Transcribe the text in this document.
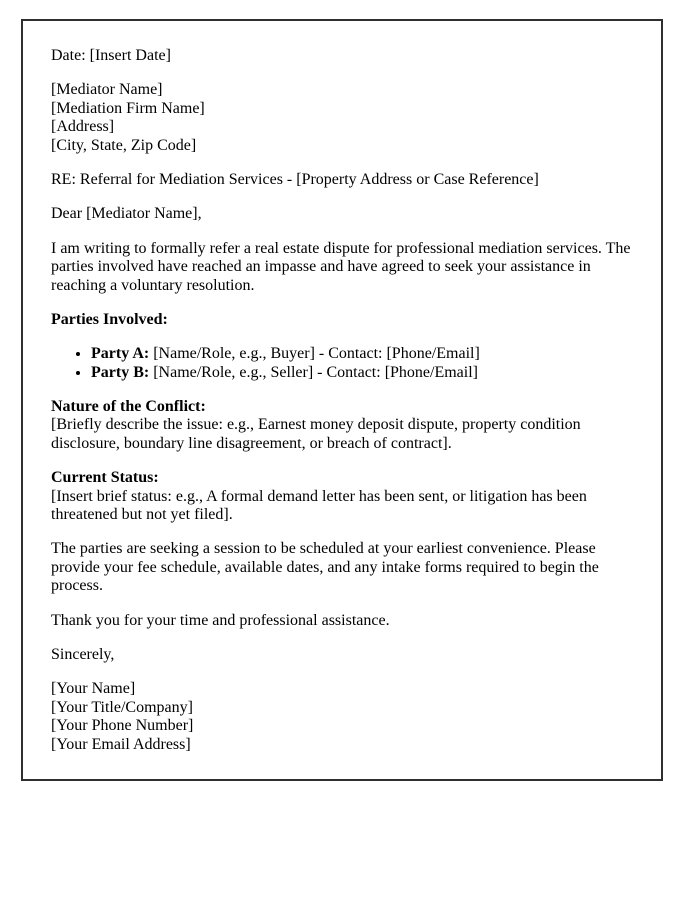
Date: [Insert Date]

[Mediator Name]
[Mediation Firm Name]
[Address]
[City, State, Zip Code]

RE: Referral for Mediation Services - [Property Address or Case Reference]

Dear [Mediator Name],

I am writing to formally refer a real estate dispute for professional mediation services. The parties involved have reached an impasse and have agreed to seek your assistance in reaching a voluntary resolution.

Parties Involved:

• Party A: [Name/Role, e.g., Buyer] - Contact: [Phone/Email]
• Party B: [Name/Role, e.g., Seller] - Contact: [Phone/Email]

Nature of the Conflict:
[Briefly describe the issue: e.g., Earnest money deposit dispute, property condition disclosure, boundary line disagreement, or breach of contract].

Current Status:
[Insert brief status: e.g., A formal demand letter has been sent, or litigation has been threatened but not yet filed].

The parties are seeking a session to be scheduled at your earliest convenience. Please provide your fee schedule, available dates, and any intake forms required to begin the process.

Thank you for your time and professional assistance.

Sincerely,

[Your Name]
[Your Title/Company]
[Your Phone Number]
[Your Email Address]
